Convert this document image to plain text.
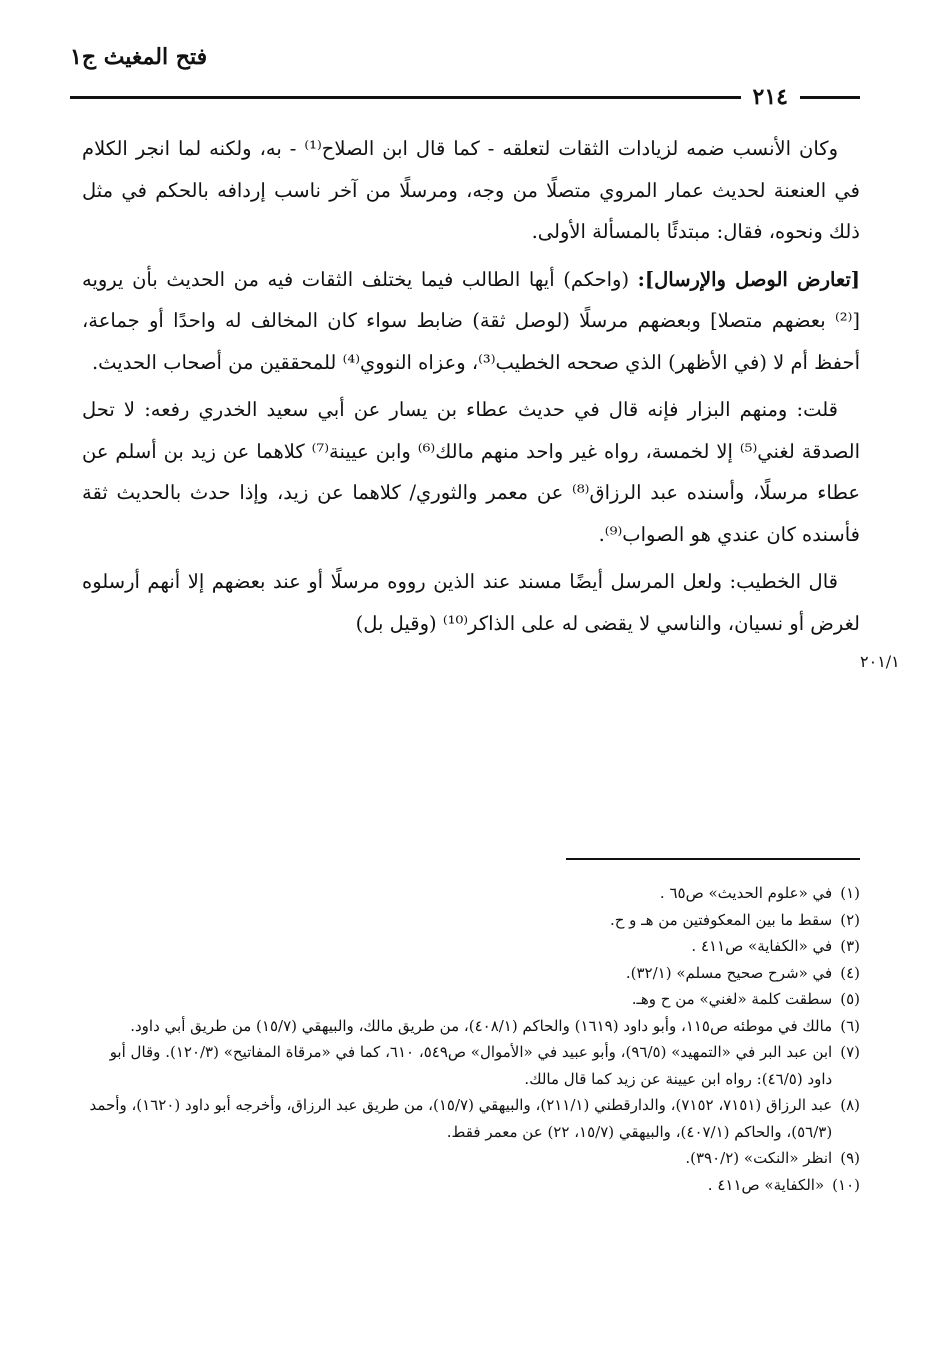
فتح المغيث ج١
٢١٤

وكان الأنسب ضمه لزيادات الثقات لتعلقه - كما قال ابن الصلاح⁽¹⁾ - به، ولكنه لما انجر الكلام في العنعنة لحديث عمار المروي متصلًا من وجه، ومرسلًا من آخر ناسب إردافه بالحكم في مثل ذلك ونحوه، فقال: مبتدئًا بالمسألة الأولى.

[تعارض الوصل والإرسال]: (واحكم) أيها الطالب فيما يختلف الثقات فيه من الحديث بأن يرويه [⁽²⁾ بعضهم متصلا] وبعضهم مرسلًا (لوصل ثقة) ضابط سواء كان المخالف له واحدًا أو جماعة، أحفظ أم لا (في الأظهر) الذي صححه الخطيب⁽³⁾، وعزاه النووي⁽⁴⁾ للمحققين من أصحاب الحديث.

قلت: ومنهم البزار فإنه قال في حديث عطاء بن يسار عن أبي سعيد الخدري رفعه: لا تحل الصدقة لغني⁽⁵⁾ إلا لخمسة، رواه غير واحد منهم مالك⁽⁶⁾ وابن عيينة⁽⁷⁾ كلاهما عن زيد بن أسلم عن عطاء مرسلًا، وأسنده عبد الرزاق⁽⁸⁾ عن معمر والثوري/ كلاهما عن زيد، وإذا حدث بالحديث ثقة فأسنده كان عندي هو الصواب⁽⁹⁾.

قال الخطيب: ولعل المرسل أيضًا مسند عند الذين رووه مرسلًا أو عند بعضهم إلا أنهم أرسلوه لغرض أو نسيان، والناسي لا يقضى له على الذاكر⁽¹⁰⁾ (وقيل بل)

٢٠١/١
(١)
في «علوم الحديث» ص٦٥ .
(٢)
سقط ما بين المعكوفتين من هـ و ح.
(٣)
في «الكفاية» ص٤١١ .
(٤)
في «شرح صحيح مسلم» (٣٢/١).
(٥)
سطقت كلمة «لغني» من ح وهـ.
(٦)
مالك في موطئه ص١١٥، وأبو داود (١٦١٩) والحاكم (٤٠٨/١)، من طريق مالك، والبيهقي (١٥/٧) من طريق أبي داود.
(٧)
ابن عبد البر في «التمهيد» (٩٦/٥)، وأبو عبيد في «الأموال» ص٥٤٩، ٦١٠، كما في «مرقاة المفاتيح» (١٢٠/٣). وقال أبو داود (٤٦/٥): رواه ابن عيينة عن زيد كما قال مالك.
(٨)
عبد الرزاق (٧١٥١، ٧١٥٢)، والدارقطني (٢١١/١)، والبيهقي (١٥/٧)، من طريق عبد الرزاق، وأخرجه أبو داود (١٦٢٠)، وأحمد (٥٦/٣)، والحاكم (٤٠٧/١)، والبيهقي (١٥/٧، ٢٢) عن معمر فقط.
(٩)
انظر «النكت» (٣٩٠/٢).
(١٠)
«الكفاية» ص٤١١ .
